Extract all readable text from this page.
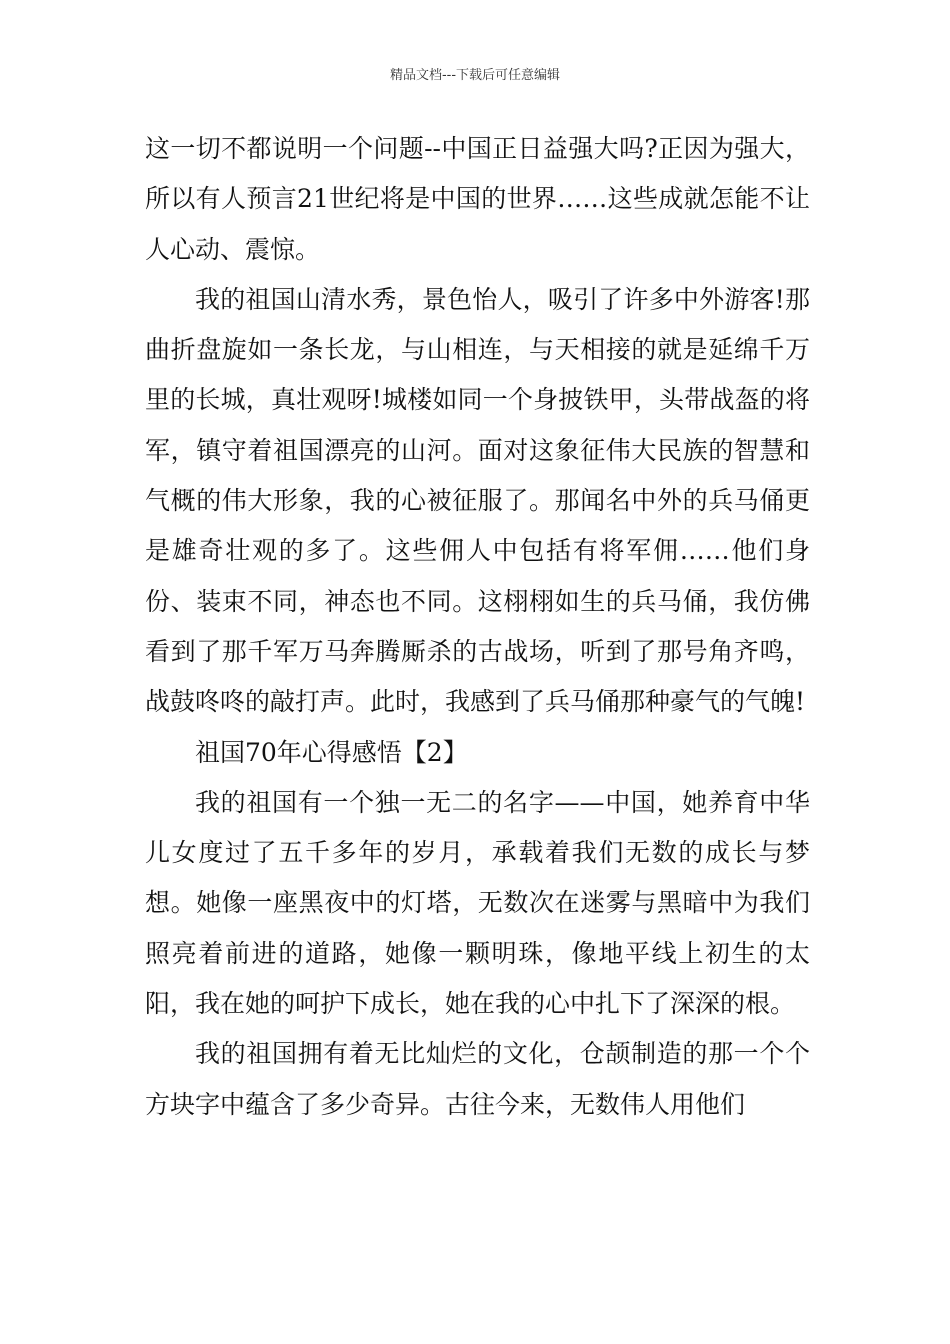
精品文档---下载后可任意编辑

这一切不都说明一个问题--中国正日益强大吗?正因为强大，所以有人预言21世纪将是中国的世界……这些成就怎能不让人心动、震惊。

我的祖国山清水秀，景色怡人，吸引了许多中外游客!那曲折盘旋如一条长龙，与山相连，与天相接的就是延绵千万里的长城，真壮观呀!城楼如同一个身披铁甲，头带战盔的将军，镇守着祖国漂亮的山河。面对这象征伟大民族的智慧和气概的伟大形象，我的心被征服了。那闻名中外的兵马俑更是雄奇壮观的多了。这些佣人中包括有将军佣……他们身份、装束不同，神态也不同。这栩栩如生的兵马俑，我仿佛看到了那千军万马奔腾厮杀的古战场，听到了那号角齐鸣，战鼓咚咚的敲打声。此时，我感到了兵马俑那种豪气的气魄!

祖国70年心得感悟【2】

我的祖国有一个独一无二的名字——中国，她养育中华儿女度过了五千多年的岁月，承载着我们无数的成长与梦想。她像一座黑夜中的灯塔，无数次在迷雾与黑暗中为我们照亮着前进的道路，她像一颗明珠，像地平线上初生的太阳，我在她的呵护下成长，她在我的心中扎下了深深的根。

我的祖国拥有着无比灿烂的文化，仓颉制造的那一个个方块字中蕴含了多少奇异。古往今来，无数伟人用他们
